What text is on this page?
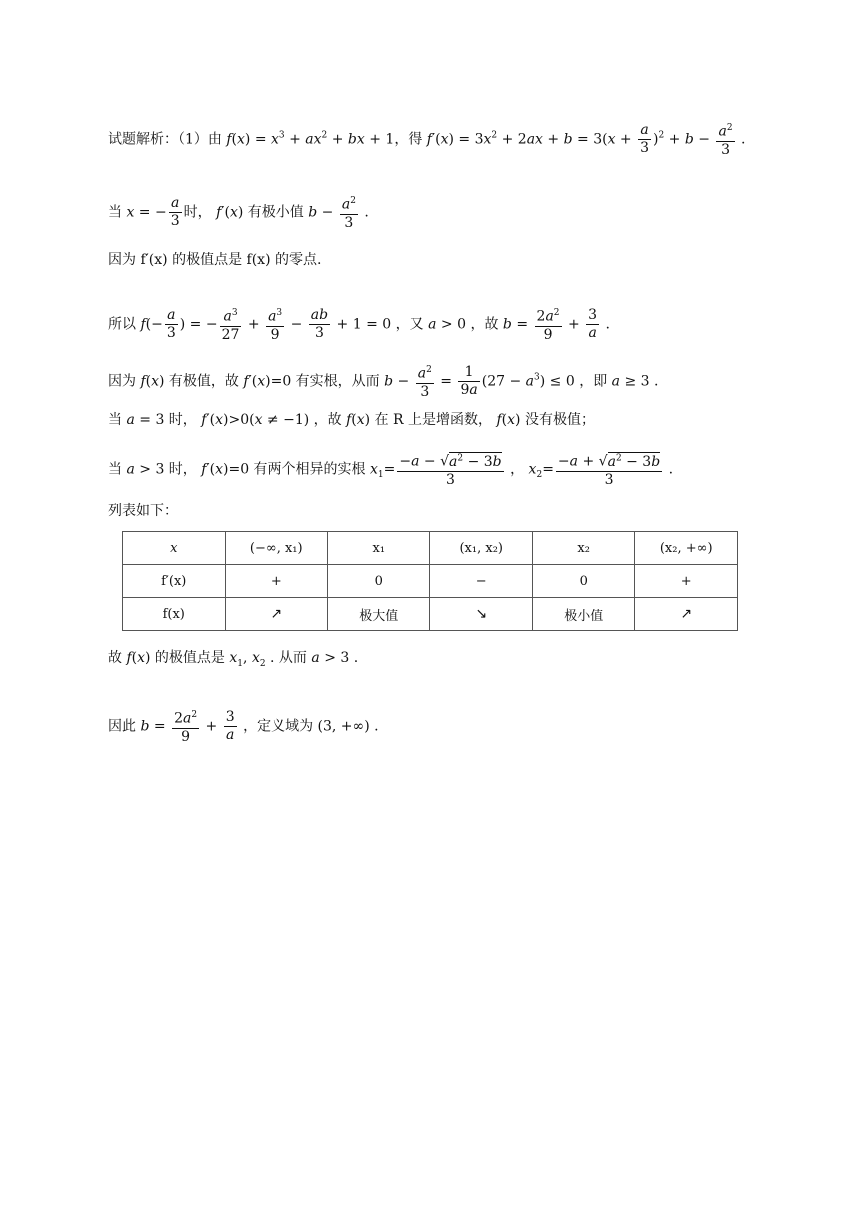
试题解析：（1）由 $f(x) = x^3 + ax^2$ + bx + 1，得 $f'(x) = 3x^2 + 2ax + b = 3(x + \frac{a}{3} )^2 + b - \frac{a^2}{3}$ .
当 x = − $\frac{a}{3}$ 时， f′(x) 有极小值 $b - \frac{a^2}{3}$ .
因为 f′(x) 的极值点是 f(x) 的零点.
所以 $f(- \frac{a}{3}$ ) = − $\frac{a^3}{27} + \frac{a^3}{9} - \frac{ab}{3} + 1 = 0$ ，又 a > 0 ，故 $b = \frac{2a^2}{9} + \frac{3}{a}$ .
因为 f(x) 有极值，故 f′(x)=0 有实根，从而 $b - \frac{a^2}{3} = \frac{1}{9a} (27 - a^3) \le 0$ ，即 a ≥ 3 .
当 a = 3 时， f′(x)>0(x ≠ −1) ，故 f(x) 在 R 上是增函数， f(x) 没有极值；
当 a > 3 时， f′(x)=0 有两个相异的实根 $x_1= \frac{-a - √a^2 - 3b}{3}$ ， $x_2= \frac{-a + √a^2 - 3b}{3}$ .
列表如下：
x	(−∞, x₁)	x₁	(x₁, x₂)	x₂	(x₂, +∞)
f′(x)	+	0	−	0	+
f(x)	↗	极大值	↘	极小值	↗
故 f(x) 的极值点是 $x_1$, $x_2$ . 从而 a > 3 .
因此 $b = \frac{2a^2}{9} + \frac{3}{a}$ ，定义域为 (3, +∞) .
